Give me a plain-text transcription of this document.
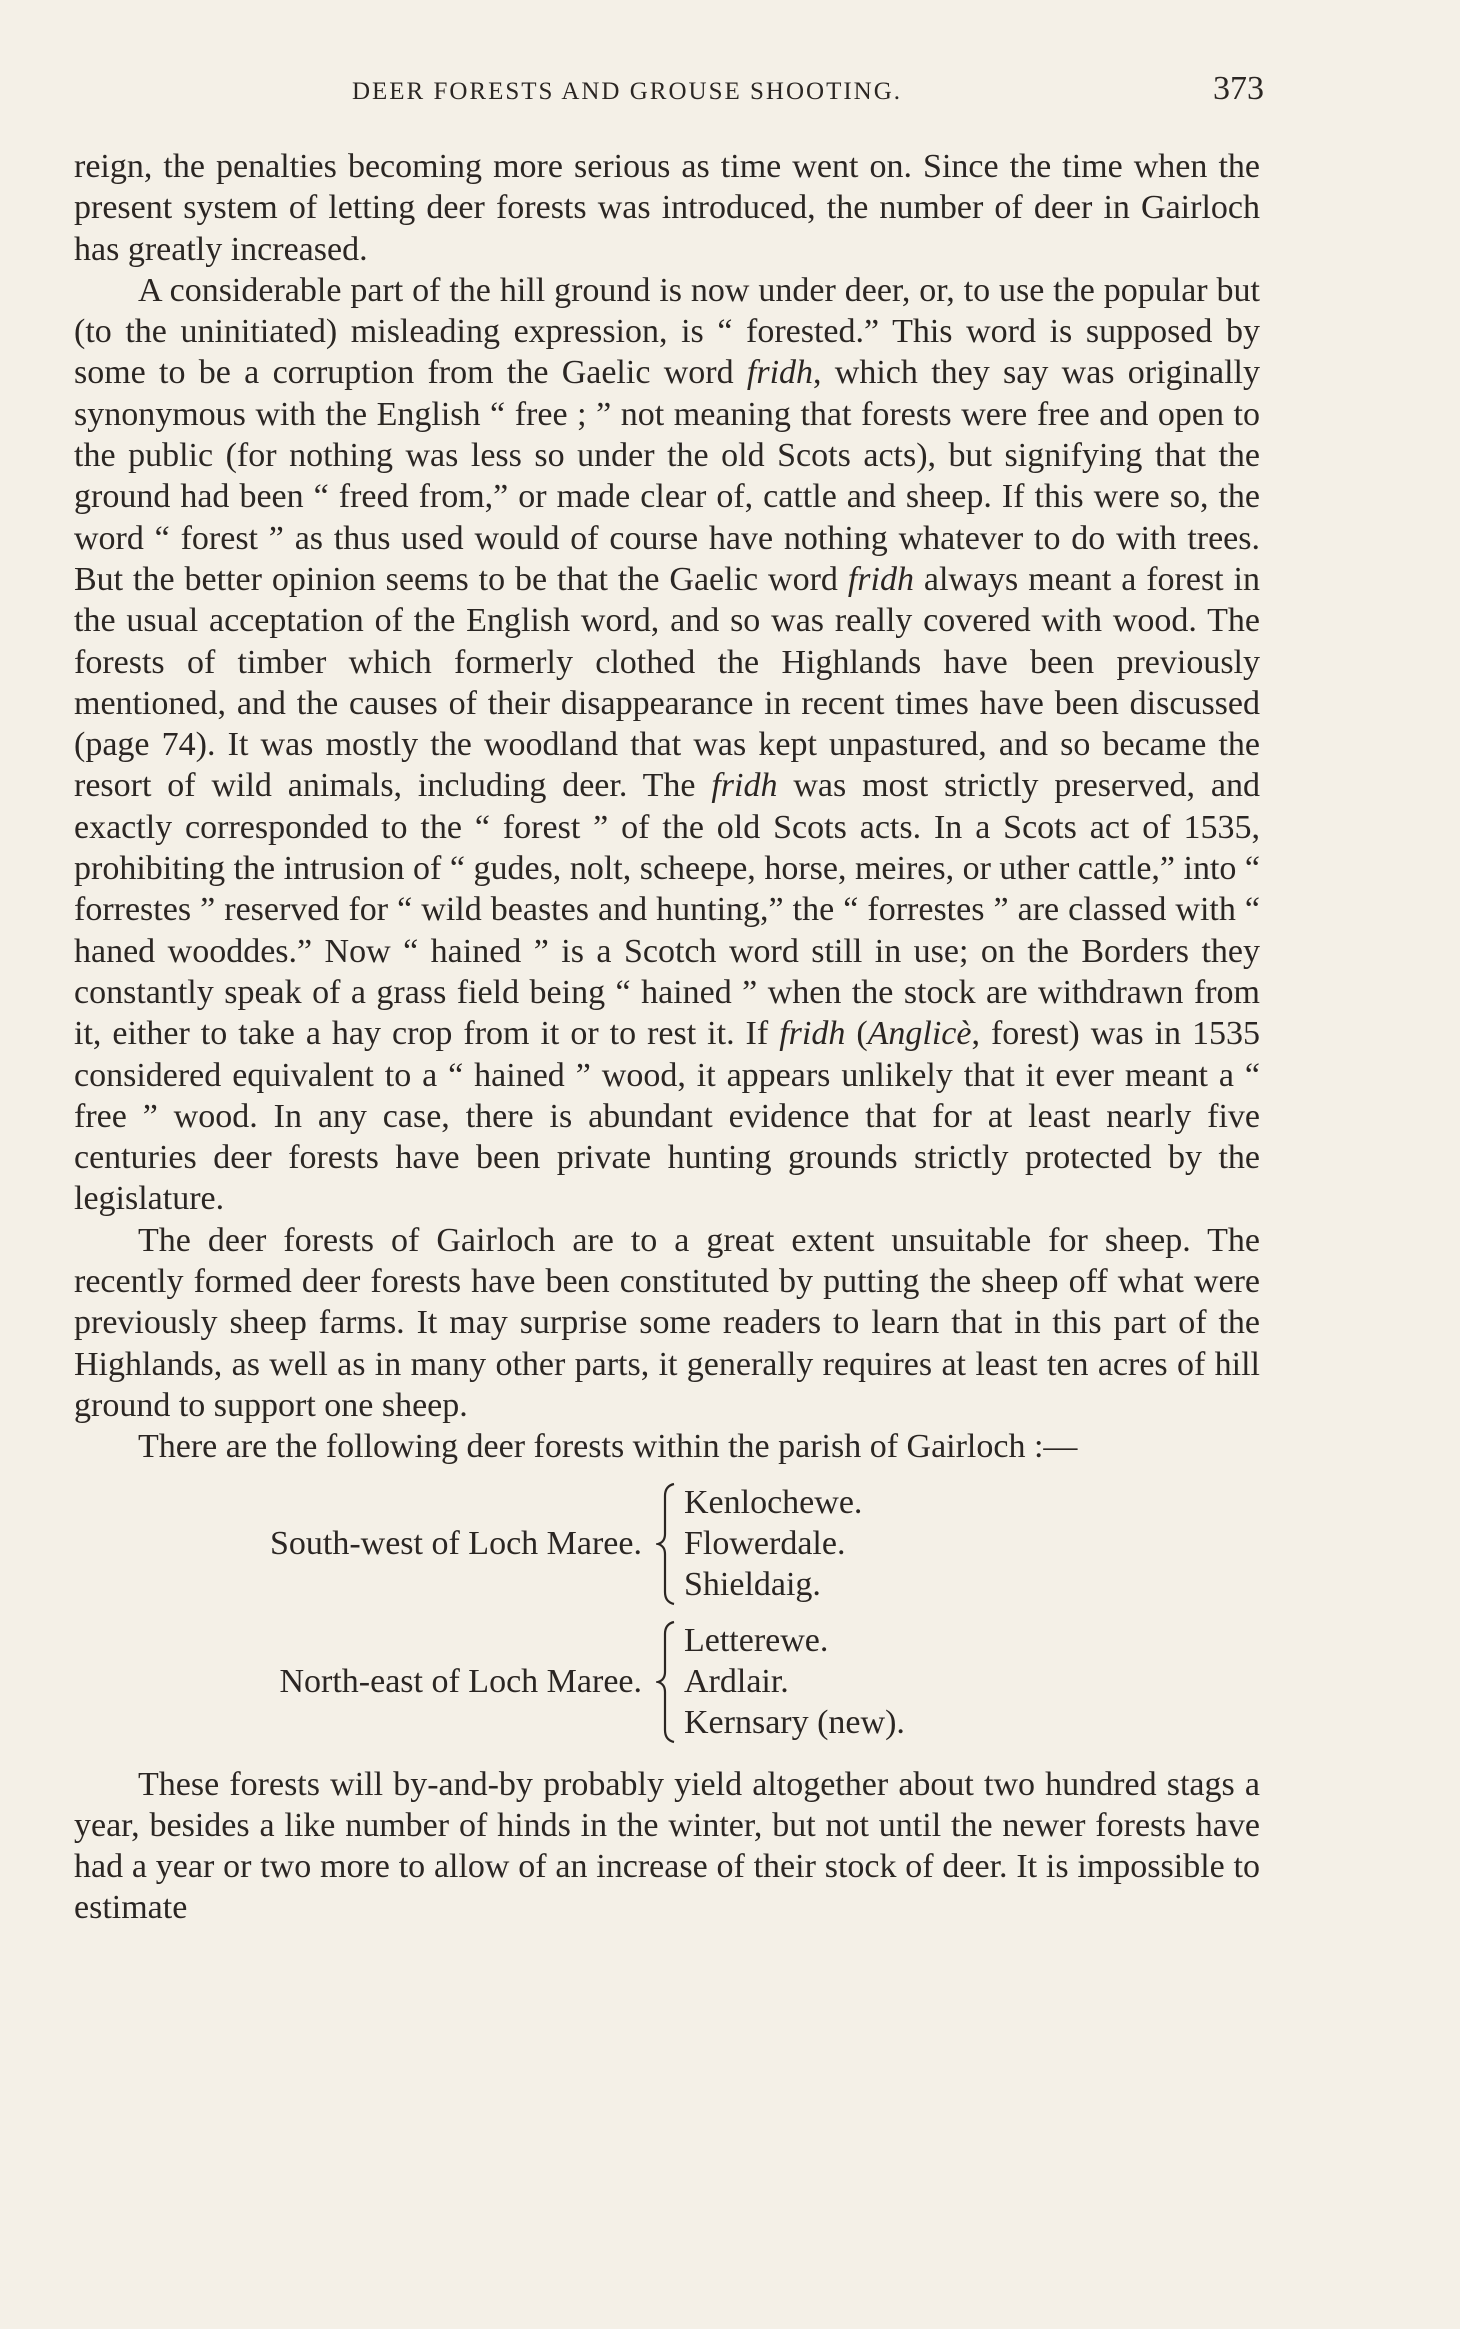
DEER FORESTS AND GROUSE SHOOTING.	373

reign, the penalties becoming more serious as time went on. Since the time when the present system of letting deer forests was introduced, the number of deer in Gairloch has greatly increased.

A considerable part of the hill ground is now under deer, or, to use the popular but (to the uninitiated) misleading expression, is “ forested.” This word is supposed by some to be a corruption from the Gaelic word fridh, which they say was originally synonymous with the English “ free ; ” not meaning that forests were free and open to the public (for nothing was less so under the old Scots acts), but signifying that the ground had been “ freed from,” or made clear of, cattle and sheep. If this were so, the word “ forest ” as thus used would of course have nothing whatever to do with trees. But the better opinion seems to be that the Gaelic word fridh always meant a forest in the usual acceptation of the English word, and so was really covered with wood. The forests of timber which formerly clothed the Highlands have been previously mentioned, and the causes of their disappearance in recent times have been discussed (page 74). It was mostly the woodland that was kept unpastured, and so became the resort of wild animals, including deer. The fridh was most strictly preserved, and exactly corresponded to the “ forest ” of the old Scots acts. In a Scots act of 1535, prohibiting the intrusion of “ gudes, nolt, scheepe, horse, meires, or uther cattle,” into “ forrestes ” reserved for “ wild beastes and hunting,” the “ forrestes ” are classed with “ haned wooddes.” Now “ hained ” is a Scotch word still in use; on the Borders they constantly speak of a grass field being “ hained ” when the stock are withdrawn from it, either to take a hay crop from it or to rest it. If fridh (Anglicè, forest) was in 1535 considered equivalent to a “ hained ” wood, it appears unlikely that it ever meant a “ free ” wood. In any case, there is abundant evidence that for at least nearly five centuries deer forests have been private hunting grounds strictly protected by the legislature.

The deer forests of Gairloch are to a great extent unsuitable for sheep. The recently formed deer forests have been constituted by putting the sheep off what were previously sheep farms. It may surprise some readers to learn that in this part of the Highlands, as well as in many other parts, it generally requires at least ten acres of hill ground to support one sheep.

There are the following deer forests within the parish of Gairloch :—

South-west of Loch Maree.
Kenlochewe.
Flowerdale.
Shieldaig.
North-east of Loch Maree.
Letterewe.
Ardlair.
Kernsary (new).

These forests will by-and-by probably yield altogether about two hundred stags a year, besides a like number of hinds in the winter, but not until the newer forests have had a year or two more to allow of an increase of their stock of deer. It is impossible to estimate
